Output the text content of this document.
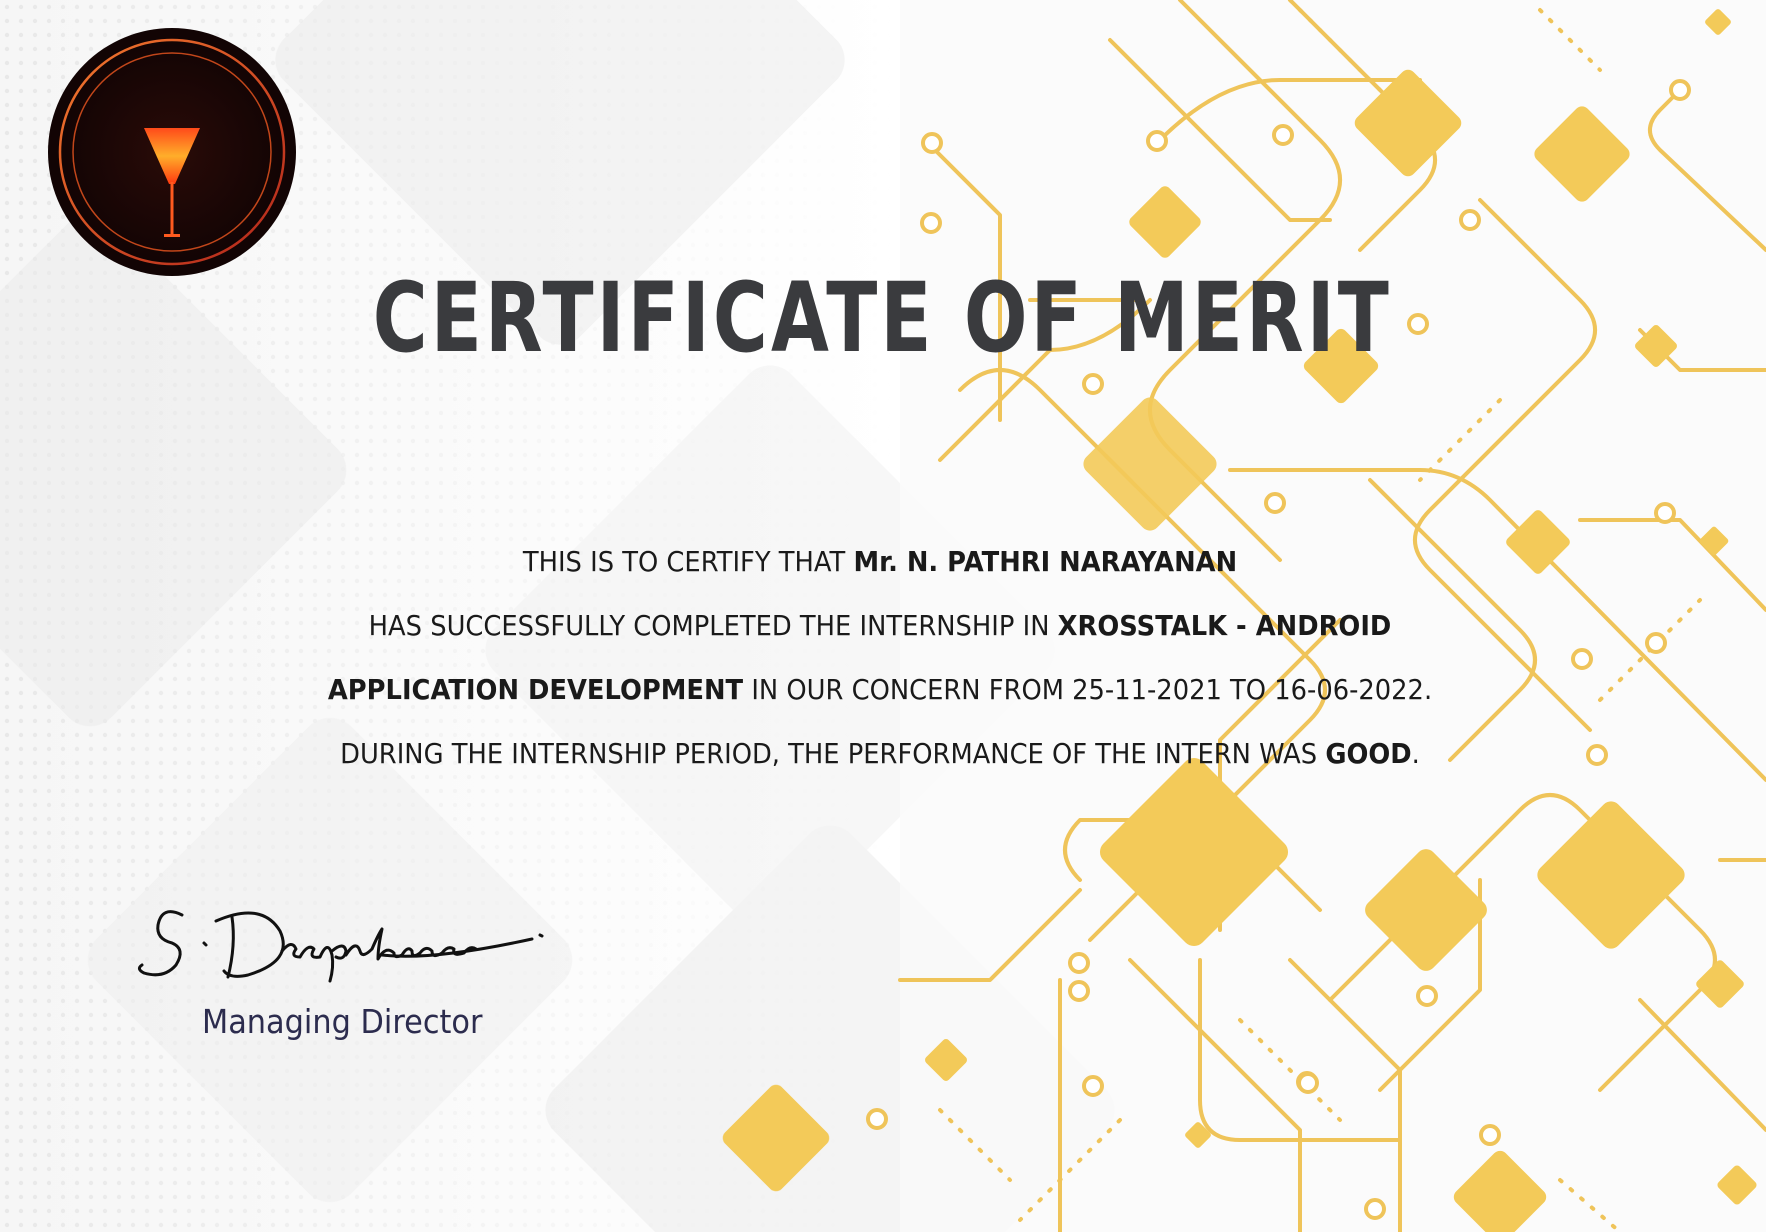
CERTIFICATE OF MERIT
THIS IS TO CERTIFY THAT Mr. N. PATHRI NARAYANAN
HAS SUCCESSFULLY COMPLETED THE INTERNSHIP IN XROSSTALK - ANDROID
APPLICATION DEVELOPMENT IN OUR CONCERN FROM 25-11-2021 TO 16-06-2022.
DURING THE INTERNSHIP PERIOD, THE PERFORMANCE OF THE INTERN WAS GOOD.
Managing Director
